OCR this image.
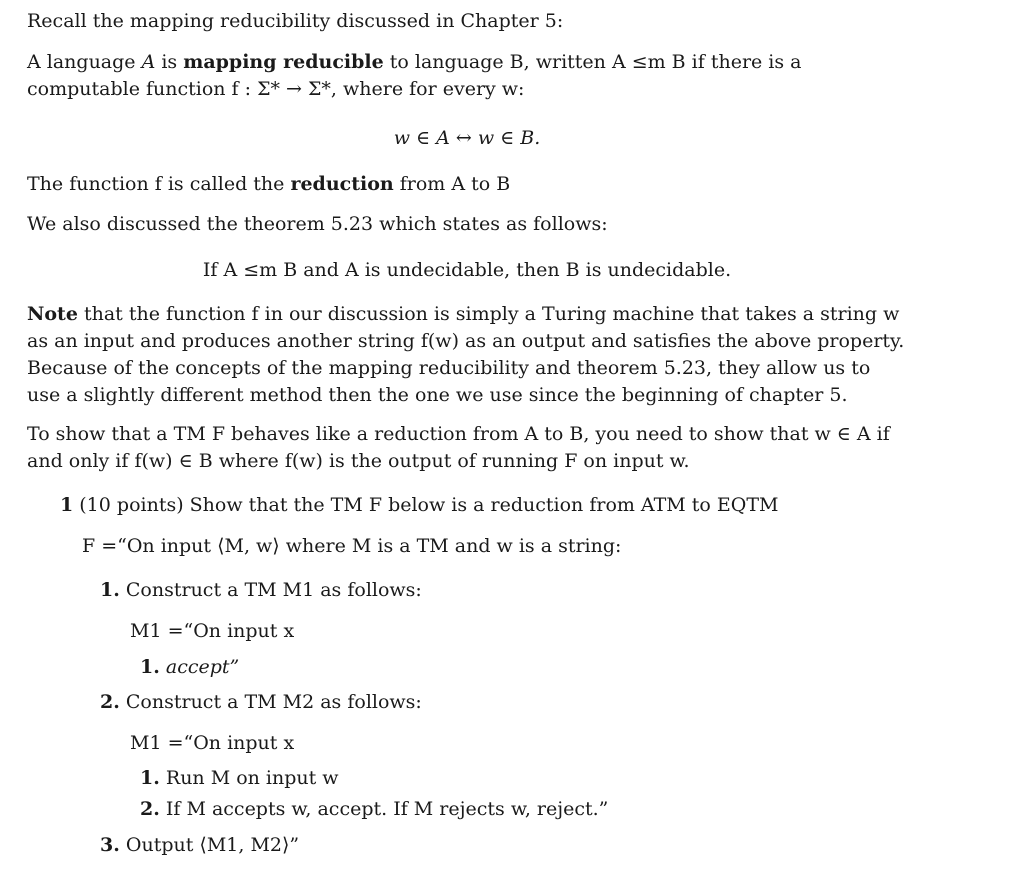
Recall the mapping reducibility discussed in Chapter 5:

A language A is mapping reducible to language B, written A ≤m B if there is a computable function f : Σ* → Σ*, where for every w:

w ∈ A ↔ w ∈ B.

The function f is called the reduction from A to B

We also discussed the theorem 5.23 which states as follows:

If A ≤m B and A is undecidable, then B is undecidable.

Note that the function f in our discussion is simply a Turing machine that takes a string w as an input and produces another string f(w) as an output and satisfies the above property. Because of the concepts of the mapping reducibility and theorem 5.23, they allow us to use a slightly different method then the one we use since the beginning of chapter 5.

To show that a TM F behaves like a reduction from A to B, you need to show that w ∈ A if and only if f(w) ∈ B where f(w) is the output of running F on input w.

1 (10 points) Show that the TM F below is a reduction from ATM to EQTM

F =“On input ⟨M, w⟩ where M is a TM and w is a string:

1. Construct a TM M1 as follows:

M1 =“On input x

1. accept”

2. Construct a TM M2 as follows:

M1 =“On input x

1. Run M on input w

2. If M accepts w, accept. If M rejects w, reject.”

3. Output ⟨M1, M2⟩”
